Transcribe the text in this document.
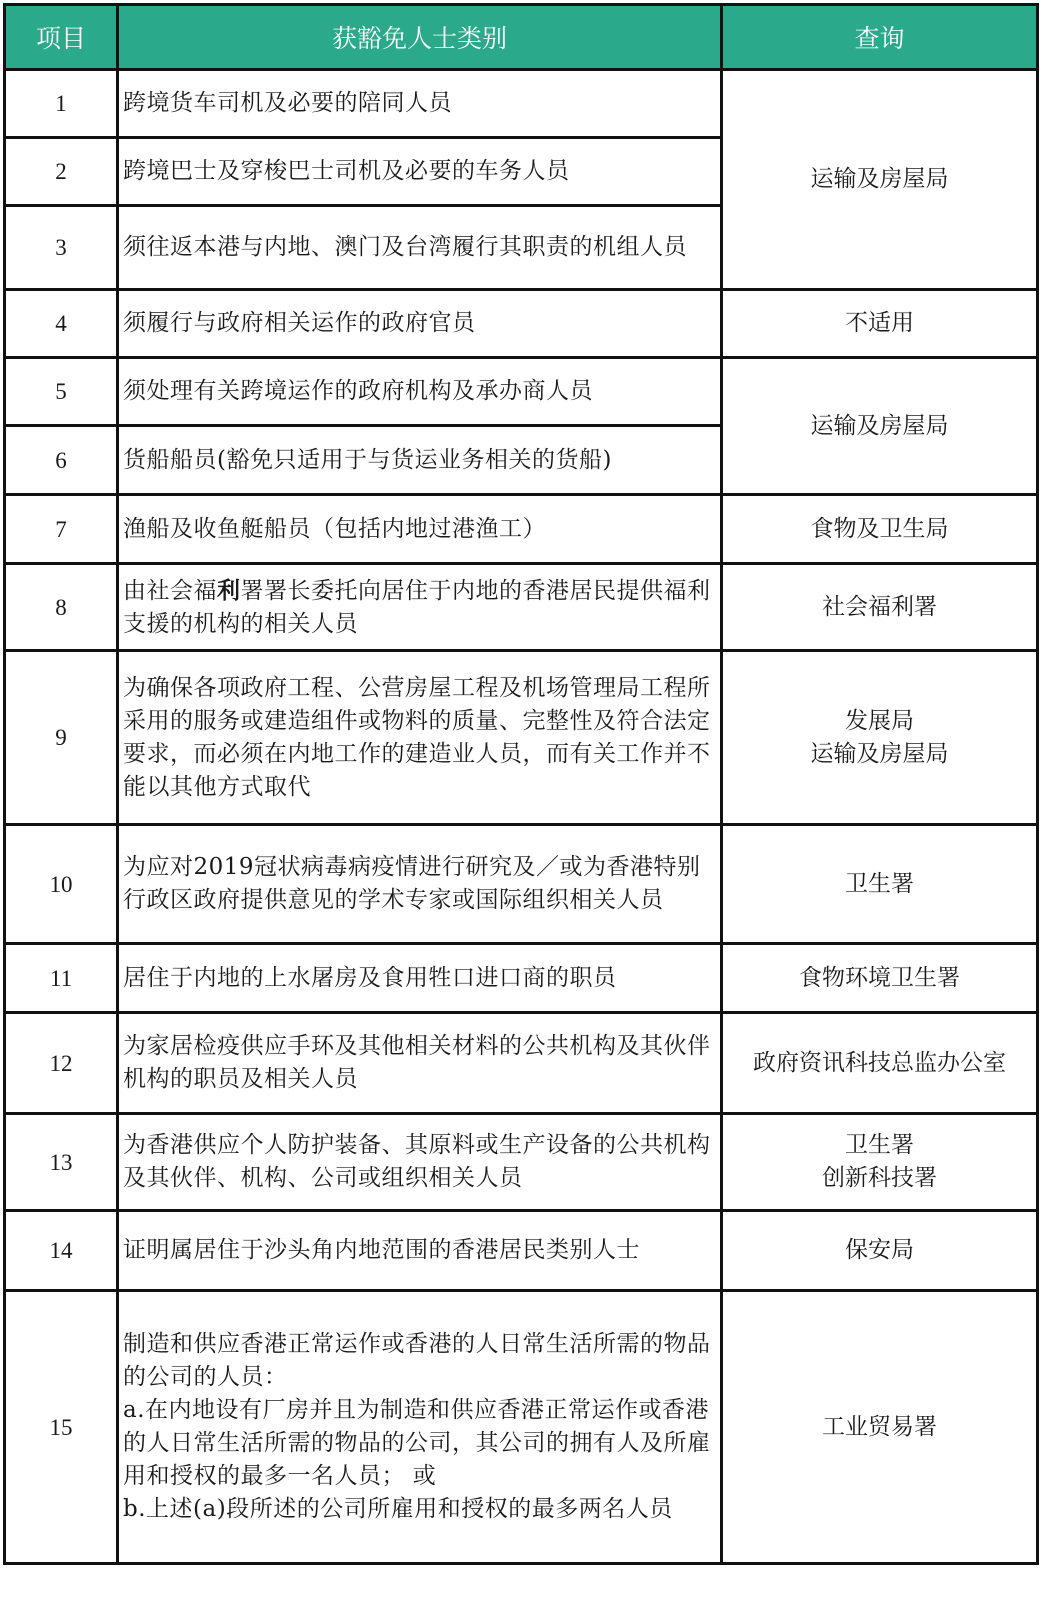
项目	获豁免人士类别	查询
1	跨境货车司机及必要的陪同人员	运输及房屋局

2	跨境巴士及穿梭巴士司机及必要的车务人员	
3	须往返本港与内地、澳门及台湾履行其职责的机组人员	
4	须履行与政府相关运作的政府官员	不适用

5	须处理有关跨境运作的政府机构及承办商人员	运输及房屋局

6	货船船员(豁免只适用于与货运业务相关的货船)	
7	渔船及收鱼艇船员（包括内地过港渔工）	食物及卫生局

8	由社会福利署署长委托向居住于内地的香港居民提供福利支援的机构的相关人员	社会福利署

9	为确保各项政府工程、公营房屋工程及机场管理局工程所采用的服务或建造组件或物料的质量、完整性及符合法定要求，而必须在内地工作的建造业人员，而有关工作并不能以其他方式取代	发展局
运输及房屋局

10	为应对2019冠状病毒病疫情进行研究及／或为香港特别行政区政府提供意见的学术专家或国际组织相关人员	卫生署

11	居住于内地的上水屠房及食用牲口进口商的职员	食物环境卫生署

12	为家居检疫供应手环及其他相关材料的公共机构及其伙伴机构的职员及相关人员	政府资讯科技总监办公室

13	为香港供应个人防护装备、其原料或生产设备的公共机构及其伙伴、机构、公司或组织相关人员	卫生署
创新科技署

14	证明属居住于沙头角内地范围的香港居民类别人士	保安局

15	制造和供应香港正常运作或香港的人日常生活所需的物品的公司的人员：
a.在内地设有厂房并且为制造和供应香港正常运作或香港的人日常生活所需的物品的公司，其公司的拥有人及所雇用和授权的最多一名人员； 或
b.上述(a)段所述的公司所雇用和授权的最多两名人员	工业贸易署
